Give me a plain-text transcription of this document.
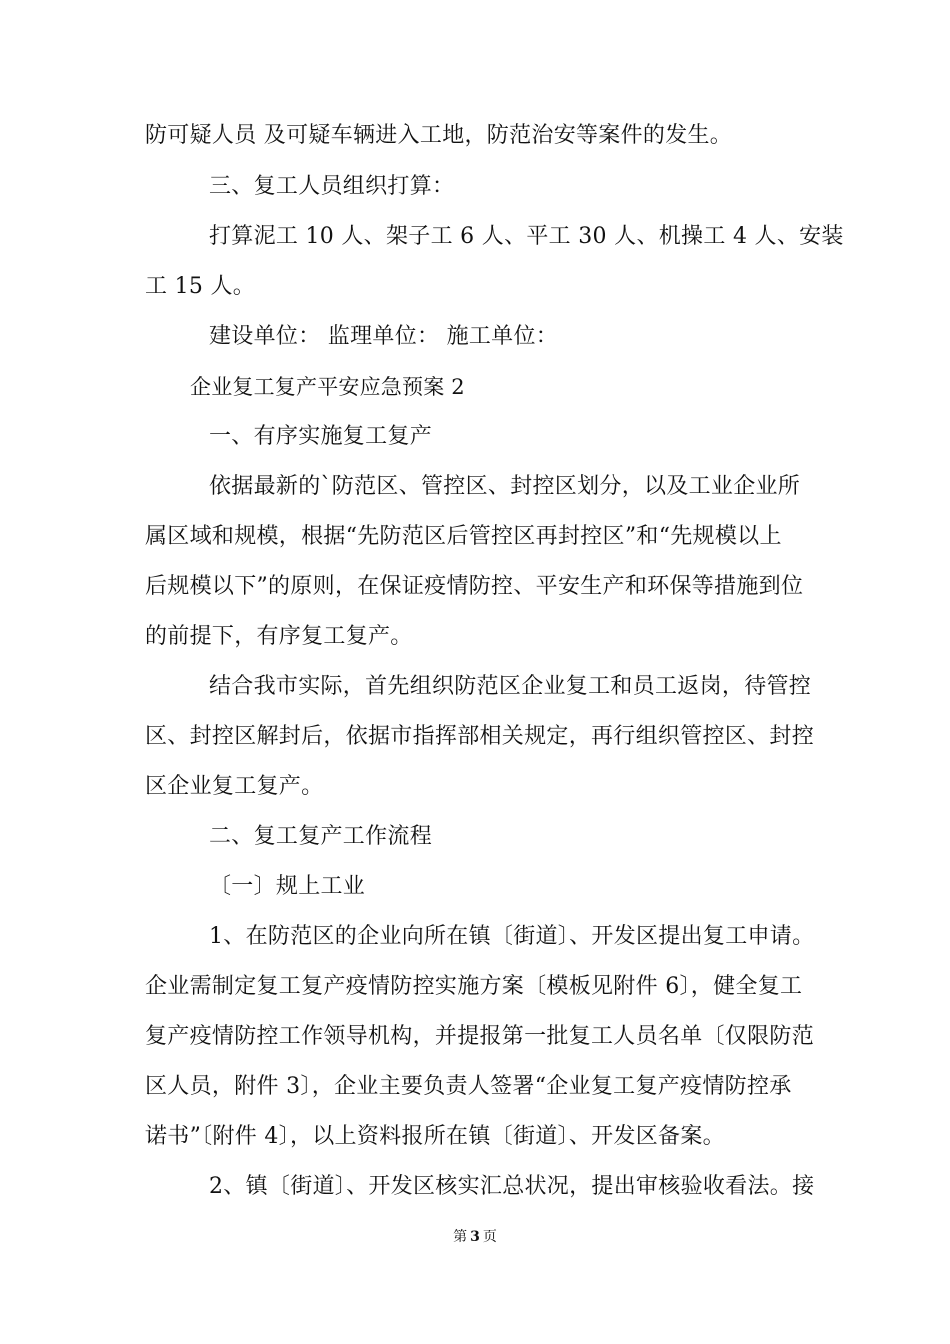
防可疑人员 及可疑车辆进入工地，防范治安等案件的发生。
三、复工人员组织打算：
打算泥工 10 人、架子工 6 人、平工 30 人、机操工 4 人、安装
工 15 人。
建设单位： 监理单位： 施工单位：
企业复工复产平安应急预案 2
一、有序实施复工复产
依据最新的`防范区、管控区、封控区划分，以及工业企业所
属区域和规模，根据“先防范区后管控区再封控区”和“先规模以上
后规模以下”的原则，在保证疫情防控、平安生产和环保等措施到位
的前提下，有序复工复产。
结合我市实际，首先组织防范区企业复工和员工返岗，待管控
区、封控区解封后，依据市指挥部相关规定，再行组织管控区、封控
区企业复工复产。
二、复工复产工作流程
〔一〕规上工业
1、在防范区的企业向所在镇〔街道〕、开发区提出复工申请。
企业需制定复工复产疫情防控实施方案〔模板见附件 6〕，健全复工
复产疫情防控工作领导机构，并提报第一批复工人员名单〔仅限防范
区人员，附件 3〕，企业主要负责人签署“企业复工复产疫情防控承
诺书”〔附件 4〕，以上资料报所在镇〔街道〕、开发区备案。
2、镇〔街道〕、开发区核实汇总状况，提出审核验收看法。接
第 3 页
